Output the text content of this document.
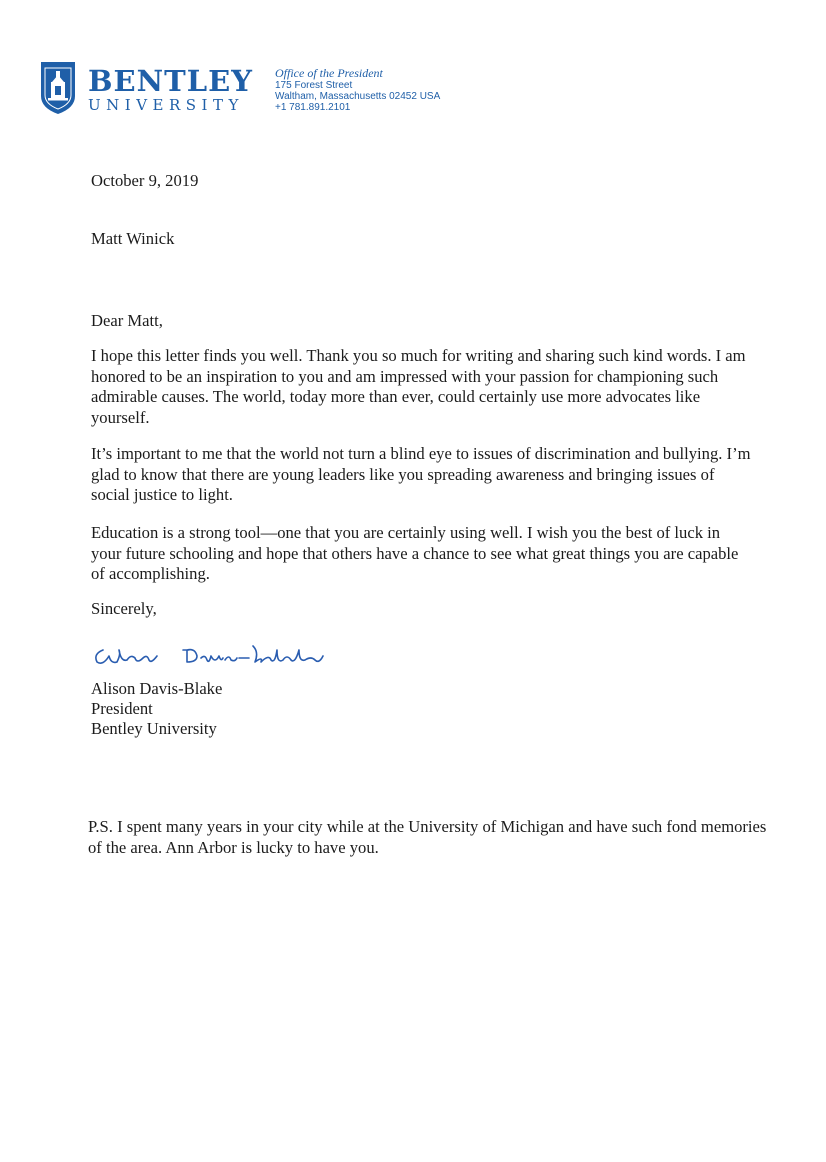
BENTLEY
UNIVERSITY
Office of the President
175 Forest Street
Waltham, Massachusetts 02452 USA
+1 781.891.2101
October 9, 2019
Matt Winick
Dear Matt,
I hope this letter finds you well. Thank you so much for writing and sharing such kind words. I am honored to be an inspiration to you and am impressed with your passion for championing such admirable causes. The world, today more than ever, could certainly use more advocates like yourself.
It’s important to me that the world not turn a blind eye to issues of discrimination and bullying. I’m glad to know that there are young leaders like you spreading awareness and bringing issues of social justice to light.
Education is a strong tool—one that you are certainly using well. I wish you the best of luck in your future schooling and hope that others have a chance to see what great things you are capable of accomplishing.
Sincerely,
Alison Davis-Blake
President
Bentley University
P.S. I spent many years in your city while at the University of Michigan and have such fond memories of the area. Ann Arbor is lucky to have you.
